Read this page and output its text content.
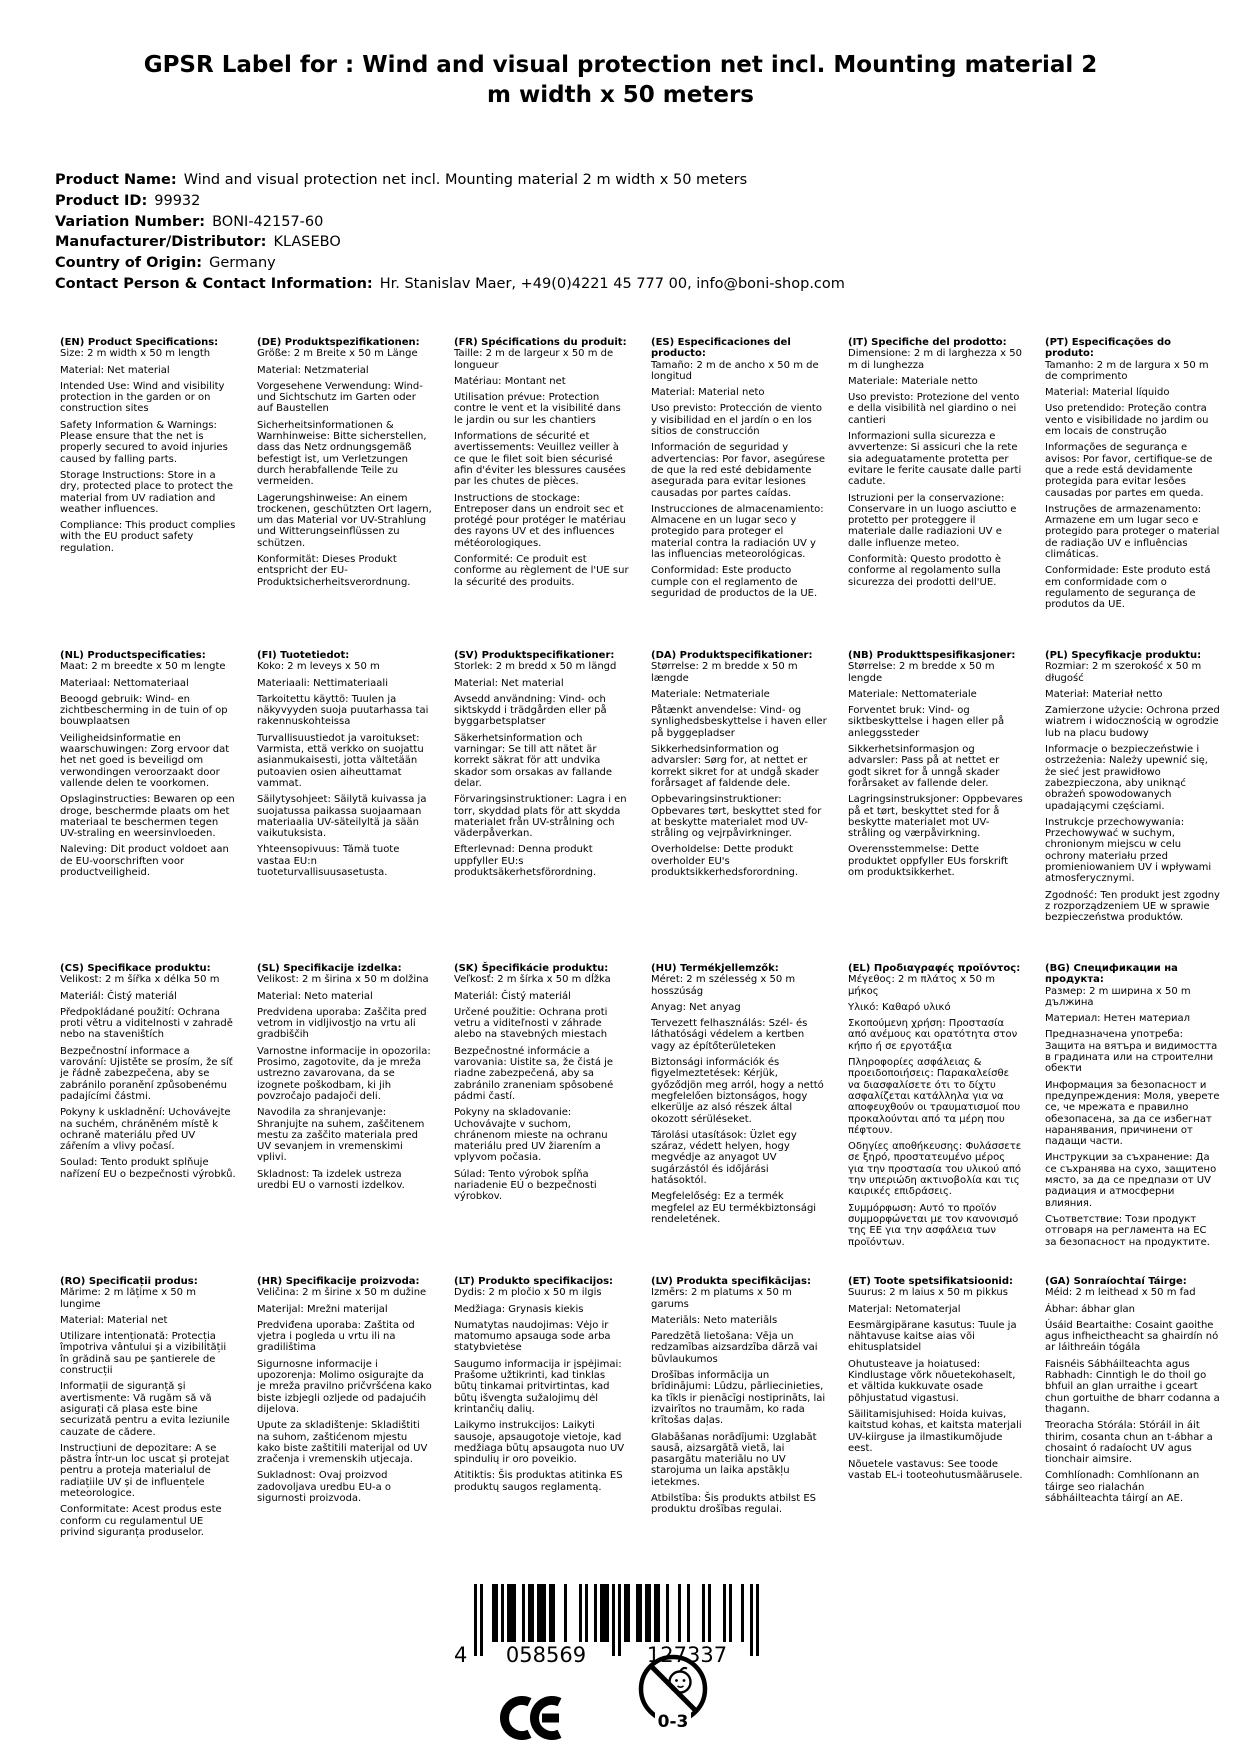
GPSR Label for : Wind and visual protection net incl. Mounting material 2 m width x 50 meters
Product Name: Wind and visual protection net incl. Mounting material 2 m width x 50 meters
Product ID: 99932
Variation Number: BONI-42157-60
Manufacturer/Distributor: KLASEBO
Country of Origin: Germany
Contact Person & Contact Information: Hr. Stanislav Maer, +49(0)4221 45 777 00, info@boni-shop.com
(EN) Product Specifications:

Size: 2 m width x 50 m length

Material: Net material

Intended Use: Wind and visibility protection in the garden or on construction sites

Safety Information & Warnings: Please ensure that the net is properly secured to avoid injuries caused by falling parts.

Storage Instructions: Store in a dry, protected place to protect the material from UV radiation and weather influences.

Compliance: This product complies with the EU product safety regulation.

(DE) Produktspezifikationen:

Größe: 2 m Breite x 50 m Länge

Material: Netzmaterial

Vorgesehene Verwendung: Wind- und Sichtschutz im Garten oder auf Baustellen

Sicherheitsinformationen & Warnhinweise: Bitte sicherstellen, dass das Netz ordnungsgemäß befestigt ist, um Verletzungen durch herabfallende Teile zu vermeiden.

Lagerungshinweise: An einem trockenen, geschützten Ort lagern, um das Material vor UV-Strahlung und Witterungseinflüssen zu schützen.

Konformität: Dieses Produkt entspricht der EU-Produktsicherheitsverordnung.

(FR) Spécifications du produit:

Taille: 2 m de largeur x 50 m de longueur

Matériau: Montant net

Utilisation prévue: Protection contre le vent et la visibilité dans le jardin ou sur les chantiers

Informations de sécurité et avertissements: Veuillez veiller à ce que le filet soit bien sécurisé afin d'éviter les blessures causées par les chutes de pièces.

Instructions de stockage: Entreposer dans un endroit sec et protégé pour protéger le matériau des rayons UV et des influences météorologiques.

Conformité: Ce produit est conforme au règlement de l'UE sur la sécurité des produits.

(ES) Especificaciones del producto:

Tamaño: 2 m de ancho x 50 m de longitud

Material: Material neto

Uso previsto: Protección de viento y visibilidad en el jardín o en los sitios de construcción

Información de seguridad y advertencias: Por favor, asegúrese de que la red esté debidamente asegurada para evitar lesiones causadas por partes caídas.

Instrucciones de almacenamiento: Almacene en un lugar seco y protegido para proteger el material contra la radiación UV y las influencias meteorológicas.

Conformidad: Este producto cumple con el reglamento de seguridad de productos de la UE.

(IT) Specifiche del prodotto:

Dimensione: 2 m di larghezza x 50 m di lunghezza

Materiale: Materiale netto

Uso previsto: Protezione del vento e della visibilità nel giardino o nei cantieri

Informazioni sulla sicurezza e avvertenze: Si assicuri che la rete sia adeguatamente protetta per evitare le ferite causate dalle parti cadute.

Istruzioni per la conservazione: Conservare in un luogo asciutto e protetto per proteggere il materiale dalle radiazioni UV e dalle influenze meteo.

Conformità: Questo prodotto è conforme al regolamento sulla sicurezza dei prodotti dell'UE.

(PT) Especificações do produto:

Tamanho: 2 m de largura x 50 m de comprimento

Material: Material líquido

Uso pretendido: Proteção contra vento e visibilidade no jardim ou em locais de construção

Informações de segurança e avisos: Por favor, certifique-se de que a rede está devidamente protegida para evitar lesões causadas por partes em queda.

Instruções de armazenamento: Armazene em um lugar seco e protegido para proteger o material de radiação UV e influências climáticas.

Conformidade: Este produto está em conformidade com o regulamento de segurança de produtos da UE.

(NL) Productspecificaties:

Maat: 2 m breedte x 50 m lengte

Materiaal: Nettomateriaal

Beoogd gebruik: Wind- en zichtbescherming in de tuin of op bouwplaatsen

Veiligheidsinformatie en waarschuwingen: Zorg ervoor dat het net goed is beveiligd om verwondingen veroorzaakt door vallende delen te voorkomen.

Opslaginstructies: Bewaren op een droge, beschermde plaats om het materiaal te beschermen tegen UV-straling en weersinvloeden.

Naleving: Dit product voldoet aan de EU-voorschriften voor productveiligheid.

(FI) Tuotetiedot:

Koko: 2 m leveys x 50 m

Materiaali: Nettimateriaali

Tarkoitettu käyttö: Tuulen ja näkyvyyden suoja puutarhassa tai rakennuskohteissa

Turvallisuustiedot ja varoitukset: Varmista, että verkko on suojattu asianmukaisesti, jotta vältetään putoavien osien aiheuttamat vammat.

Säilytysohjeet: Säilytä kuivassa ja suojatussa paikassa suojaamaan materiaalia UV-säteilyltä ja sään vaikutuksista.

Yhteensopivuus: Tämä tuote vastaa EU:n tuoteturvallisuusasetusta.

(SV) Produktspecifikationer:

Storlek: 2 m bredd x 50 m längd

Material: Net material

Avsedd användning: Vind- och siktskydd i trädgården eller på byggarbetsplatser

Säkerhetsinformation och varningar: Se till att nätet är korrekt säkrat för att undvika skador som orsakas av fallande delar.

Förvaringsinstruktioner: Lagra i en torr, skyddad plats för att skydda materialet från UV-strålning och väderpåverkan.

Efterlevnad: Denna produkt uppfyller EU:s produktsäkerhetsförordning.

(DA) Produktspecifikationer:

Størrelse: 2 m bredde x 50 m længde

Materiale: Netmateriale

Påtænkt anvendelse: Vind- og synlighedsbeskyttelse i haven eller på byggepladser

Sikkerhedsinformation og advarsler: Sørg for, at nettet er korrekt sikret for at undgå skader forårsaget af faldende dele.

Opbevaringsinstruktioner: Opbevares tørt, beskyttet sted for at beskytte materialet mod UV-stråling og vejrpåvirkninger.

Overholdelse: Dette produkt overholder EU's produktsikkerhedsforordning.

(NB) Produkttspesifikasjoner:

Størrelse: 2 m bredde x 50 m lengde

Materiale: Nettomateriale

Forventet bruk: Vind- og siktbeskyttelse i hagen eller på anleggssteder

Sikkerhetsinformasjon og advarsler: Pass på at nettet er godt sikret for å unngå skader forårsaket av fallende deler.

Lagringsinstruksjoner: Oppbevares på et tørt, beskyttet sted for å beskytte materialet mot UV-stråling og værpåvirkning.

Overensstemmelse: Dette produktet oppfyller EUs forskrift om produktsikkerhet.

(PL) Specyfikacje produktu:

Rozmiar: 2 m szerokość x 50 m długość

Materiał: Materiał netto

Zamierzone użycie: Ochrona przed wiatrem i widocznością w ogrodzie lub na placu budowy

Informacje o bezpieczeństwie i ostrzeżenia: Należy upewnić się, że sieć jest prawidłowo zabezpieczona, aby uniknąć obrażeń spowodowanych upadającymi częściami.

Instrukcje przechowywania: Przechowywać w suchym, chronionym miejscu w celu ochrony materiału przed promieniowaniem UV i wpływami atmosferycznymi.

Zgodność: Ten produkt jest zgodny z rozporządzeniem UE w sprawie bezpieczeństwa produktów.

(CS) Specifikace produktu:

Velikost: 2 m šířka x délka 50 m

Materiál: Čistý materiál

Předpokládané použití: Ochrana proti větru a viditelnosti v zahradě nebo na staveništích

Bezpečnostní informace a varování: Ujistěte se prosím, že síť je řádně zabezpečena, aby se zabránilo poranění způsobenému padajícími částmi.

Pokyny k uskladnění: Uchovávejte na suchém, chráněném místě k ochraně materiálu před UV zářením a vlivy počasí.

Soulad: Tento produkt splňuje nařízení EU o bezpečnosti výrobků.

(SL) Specifikacije izdelka:

Velikost: 2 m širina x 50 m dolžina

Material: Neto material

Predvidena uporaba: Zaščita pred vetrom in vidljivostjo na vrtu ali gradbiščih

Varnostne informacije in opozorila: Prosimo, zagotovite, da je mreža ustrezno zavarovana, da se izognete poškodbam, ki jih povzročajo padajoči deli.

Navodila za shranjevanje: Shranjujte na suhem, zaščitenem mestu za zaščito materiala pred UV sevanjem in vremenskimi vplivi.

Skladnost: Ta izdelek ustreza uredbi EU o varnosti izdelkov.

(SK) Špecifikácie produktu:

Veľkosť: 2 m šírka x 50 m dĺžka

Materiál: Čistý materiál

Určené použitie: Ochrana proti vetru a viditeľnosti v záhrade alebo na stavebných miestach

Bezpečnostné informácie a varovania: Uistite sa, že čistá je riadne zabezpečená, aby sa zabránilo zraneniam spôsobené pádmi častí.

Pokyny na skladovanie: Uchovávajte v suchom, chránenom mieste na ochranu materiálu pred UV žiarením a vplyvom počasia.

Súlad: Tento výrobok spĺňa nariadenie EÚ o bezpečnosti výrobkov.

(HU) Termékjellemzők:

Méret: 2 m szélesség x 50 m hosszúság

Anyag: Net anyag

Tervezett felhasználás: Szél- és láthatósági védelem a kertben vagy az építőterületeken

Biztonsági információk és figyelmeztetések: Kérjük, győződjön meg arról, hogy a nettó megfelelően biztonságos, hogy elkerülje az alsó részek által okozott sérüléseket.

Tárolási utasítások: Üzlet egy száraz, védett helyen, hogy megvédje az anyagot UV sugárzástól és időjárási hatásoktól.

Megfelelőség: Ez a termék megfelel az EU termékbiztonsági rendeletének.

(EL) Προδιαγραφές προϊόντος:

Μέγεθος: 2 m πλάτος x 50 m μήκος

Υλικό: Καθαρό υλικό

Σκοπούμενη χρήση: Προστασία από ανέμους και ορατότητα στον κήπο ή σε εργοτάξια

Πληροφορίες ασφάλειας & προειδοποιήσεις: Παρακαλείσθε να διασφαλίσετε ότι το δίχτυ ασφαλίζεται κατάλληλα για να αποφευχθούν οι τραυματισμοί που προκαλούνται από τα μέρη που πέφτουν.

Οδηγίες αποθήκευσης: Φυλάσσετε σε ξηρό, προστατευμένο μέρος για την προστασία του υλικού από την υπεριώδη ακτινοβολία και τις καιρικές επιδράσεις.

Συμμόρφωση: Αυτό το προϊόν συμμορφώνεται με τον κανονισμό της ΕΕ για την ασφάλεια των προϊόντων.

(BG) Спецификации на продукта:

Размер: 2 m ширина x 50 m дължина

Материал: Нетен материал

Предназначена употреба: Защита на вятъра и видимостта в градината или на строителни обекти

Информация за безопасност и предупреждения: Моля, уверете се, че мрежата е правилно обезопасена, за да се избегнат наранявания, причинени от падащи части.

Инструкции за съхранение: Да се съхранява на сухо, защитено място, за да се предпази от UV радиация и атмосферни влияния.

Съответствие: Този продукт отговаря на регламента на ЕС за безопасност на продуктите.

(RO) Specificații produs:

Mărime: 2 m lățime x 50 m lungime

Material: Material net

Utilizare intenționată: Protecția împotriva vântului și a vizibilității în grădină sau pe șantierele de construcții

Informații de siguranță și avertismente: Vă rugăm să vă asigurați că plasa este bine securizată pentru a evita leziunile cauzate de cădere.

Instrucțiuni de depozitare: A se păstra într-un loc uscat și protejat pentru a proteja materialul de radiațiile UV și de influențele meteorologice.

Conformitate: Acest produs este conform cu regulamentul UE privind siguranța produselor.

(HR) Specifikacije proizvoda:

Veličina: 2 m širine x 50 m dužine

Materijal: Mrežni materijal

Predviđena uporaba: Zaštita od vjetra i pogleda u vrtu ili na gradilištima

Sigurnosne informacije i upozorenja: Molimo osigurajte da je mreža pravilno pričvršćena kako biste izbjegli ozljede od padajućih dijelova.

Upute za skladištenje: Skladištiti na suhom, zaštićenom mjestu kako biste zaštitili materijal od UV zračenja i vremenskih utjecaja.

Sukladnost: Ovaj proizvod zadovoljava uredbu EU-a o sigurnosti proizvoda.

(LT) Produkto specifikacijos:

Dydis: 2 m pločio x 50 m ilgis

Medžiaga: Grynasis kiekis

Numatytas naudojimas: Vėjo ir matomumo apsauga sode arba statybvietėse

Saugumo informacija ir įspėjimai: Prašome užtikrinti, kad tinklas būtų tinkamai pritvirtintas, kad būtų išvengta sužalojimų dėl krintančių dalių.

Laikymo instrukcijos: Laikyti sausoje, apsaugotoje vietoje, kad medžiaga būtų apsaugota nuo UV spindulių ir oro poveikio.

Atitiktis: Šis produktas atitinka ES produktų saugos reglamentą.

(LV) Produkta specifikācijas:

Izmērs: 2 m platums x 50 m garums

Materiāls: Neto materiāls

Paredzētā lietošana: Vēja un redzamības aizsardzība dārzā vai būvlaukumos

Drošības informācija un brīdinājumi: Lūdzu, pārliecinieties, ka tīkls ir pienācīgi nostiprināts, lai izvairītos no traumām, ko rada krītošas daļas.

Glabāšanas norādījumi: Uzglabāt sausā, aizsargātā vietā, lai pasargātu materiālu no UV starojuma un laika apstākļu ietekmes.

Atbilstība: Šis produkts atbilst ES produktu drošības regulai.

(ET) Toote spetsifikatsioonid:

Suurus: 2 m laius x 50 m pikkus

Materjal: Netomaterjal

Eesmärgipärane kasutus: Tuule ja nähtavuse kaitse aias või ehitusplatsidel

Ohutusteave ja hoiatused: Kindlustage võrk nõuetekohaselt, et vältida kukkuvate osade põhjustatud vigastusi.

Säilitamisjuhised: Hoida kuivas, kaitstud kohas, et kaitsta materjali UV-kiirguse ja ilmastikumõjude eest.

Nõuetele vastavus: See toode vastab EL-i tooteohutusmäärusele.

(GA) Sonraíochtaí Táirge:

Méid: 2 m leithead x 50 m fad

Ábhar: ábhar glan

Úsáid Beartaithe: Cosaint gaoithe agus infheictheacht sa ghairdín nó ar láithreáin tógála

Faisnéis Sábháilteachta agus Rabhadh: Cinntigh le do thoil go bhfuil an glan urraithe i gceart chun gortuithe de bharr codanna a thagann.

Treoracha Stórála: Stóráil in áit thirim, cosanta chun an t-ábhar a chosaint ó radaíocht UV agus tionchair aimsire.

Comhlíonadh: Comhlíonann an táirge seo rialachán sábháilteachta táirgí an AE.

4 058569	127337
0-3
